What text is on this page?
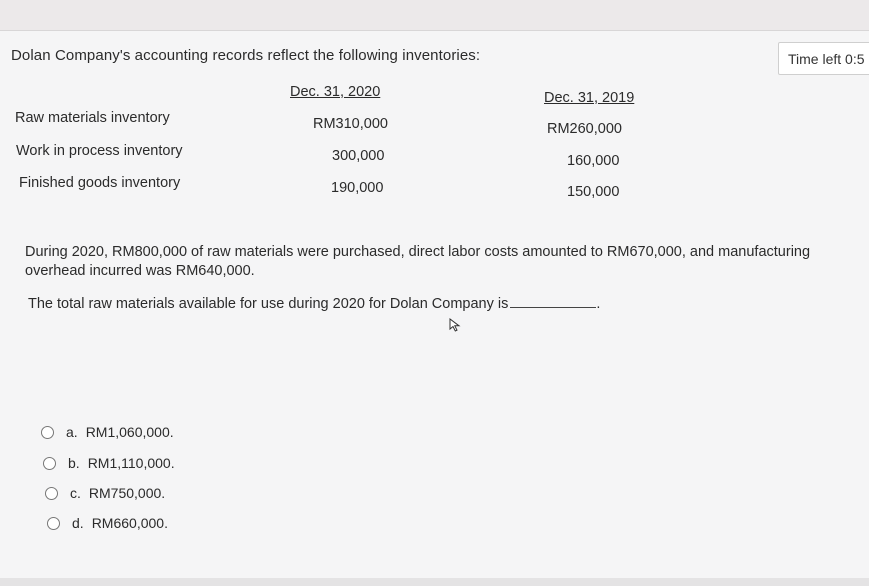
Dolan Company's accounting records reflect the following inventories:	Time left 0:5
Dec. 31, 2020	Dec. 31, 2019
Raw materials inventory	RM310,000	RM260,000
Work in process inventory	300,000	160,000
Finished goods inventory	190,000	150,000
During 2020, RM800,000 of raw materials were purchased, direct labor costs amounted to RM670,000, and manufacturing
overhead incurred was RM640,000.
The total raw materials available for use during 2020 for Dolan Company is	.
a. RM1,060,000.
b. RM1,110,000.
c. RM750,000.
d. RM660,000.
